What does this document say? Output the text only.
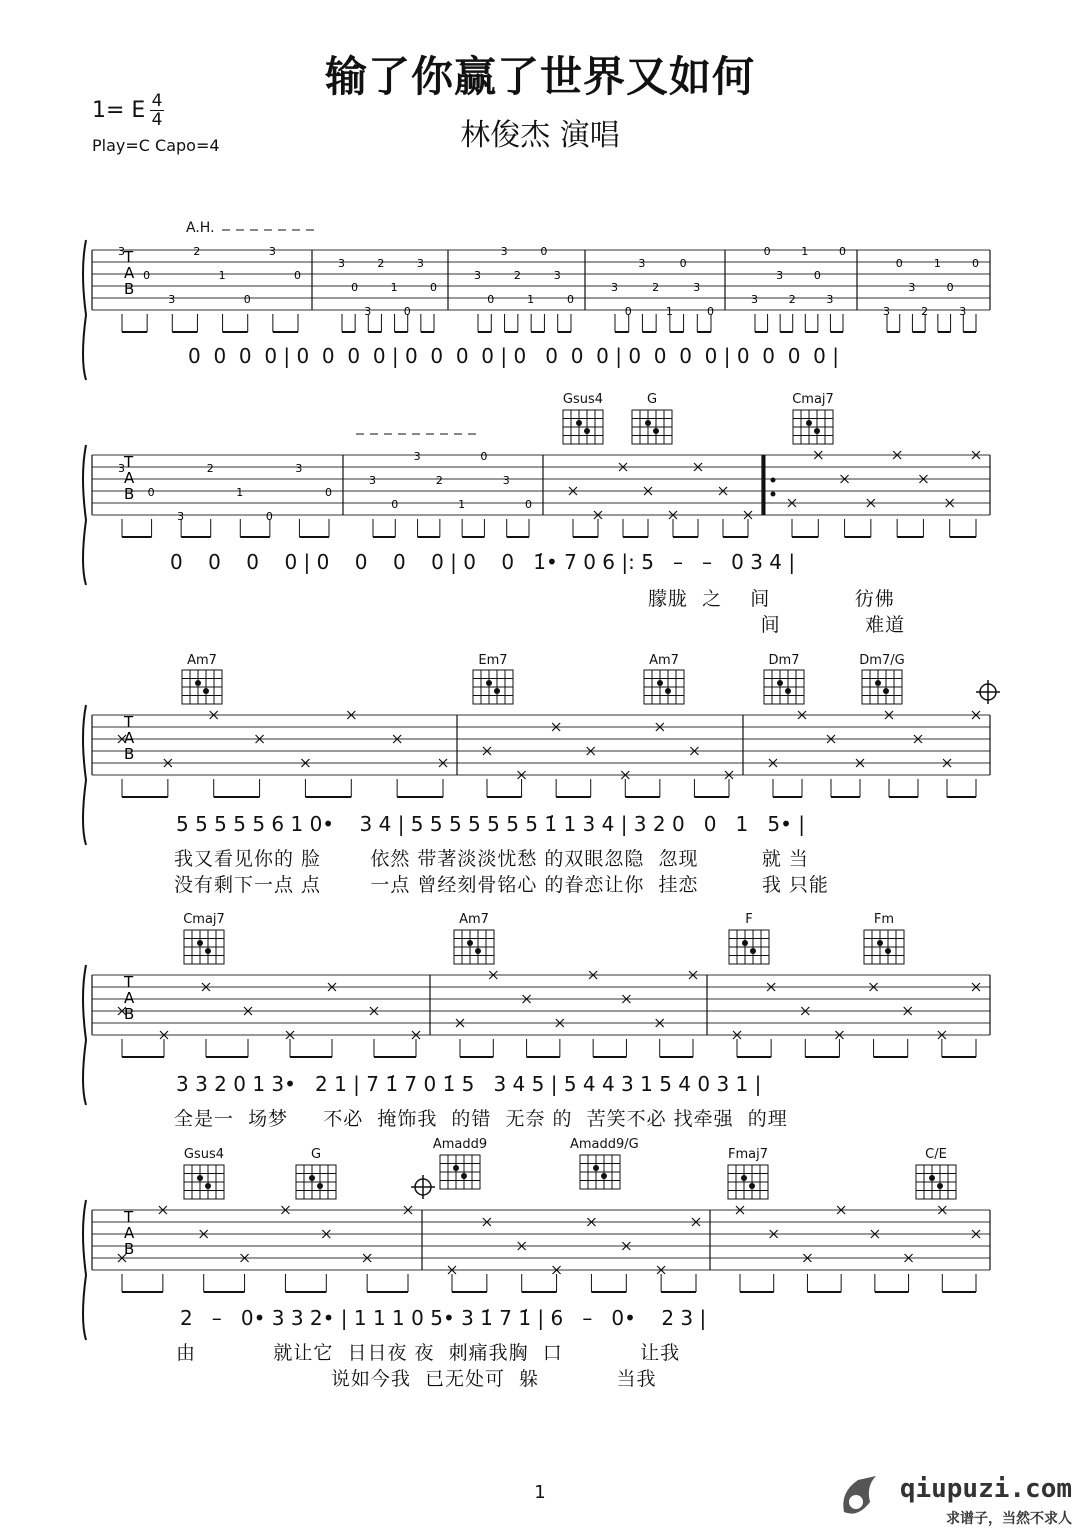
输了你赢了世界又如何
林俊杰 演唱
1= E 4
4
Play=C Capo=4
T
A
B
3
0
3
2
1
0
3
0
3
0
3
2
1
0
3
0
3
0
3
2
1
0
3
0
3
0
3
2
1
0
3
0
3
0
3
2
1
0
3
0
3
0
3
2
1
0
3
0
T
A
B
3
0
3
2
1
0
3
0
3
0
3
2
1
0
3
0
T
A
B
T
A
B
T
A
B
A.H.
0  0  0  0 | 0  0  0  0 | 0  0  0  0 | 0   0  0  0 | 0  0  0  0 | 0  0  0  0 |
Gsus4	G	Cmaj7
0    0    0    0 | 0    0    0    0 | 0    0   1̇• 7 0 6 |: 5   –   –   0 3 4 |
朦胧  之    间            彷佛
间            难道
Am7	Em7	Am7	Dm7	Dm7/G
5 5 5 5 5 6 1 0•    3 4 | 5 5 5 5 5 5 5 1̇ 1 3 4 | 3 2 0   0   1   5• |
我又看见你的 脸       依然 带著淡淡忧愁 的双眼忽隐  忽现         就 当
没有剩下一点 点       一点 曾经刻骨铭心 的眷恋让你  挂恋         我 只能
Cmaj7	Am7	F	Fm
3 3 2 0 1 3•   2 1 | 7 1̇ 7 0 1̇ 5   3 4 5 | 5 4 4 3 1 5 4 0 3 1 |
全是一  场梦     不必  掩饰我  的错  无奈 的  苦笑不必 找牵强  的理
Gsus4	G
Amadd9	Amadd9/G
Fmaj7	C/E
2   –   0• 3 3 2• | 1 1 1 0 5• 3 1̇ 7 1̇ | 6   –   0•    2 3 |
由           就让它  日日夜 夜  刺痛我胸  口           让我
说如今我  已无处可  躲           当我
1	qiupuzi.com
求谱子，当然不求人
